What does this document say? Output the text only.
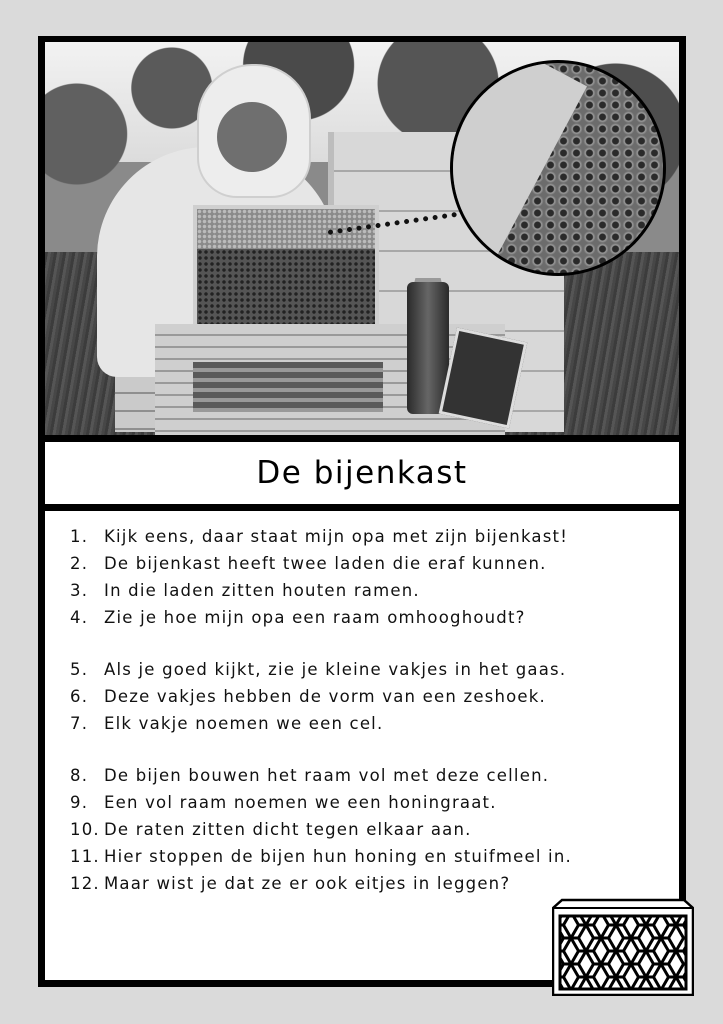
De bijenkast
1. Kijk eens, daar staat mijn opa met zijn bijenkast!
2. De bijenkast heeft twee laden die eraf kunnen.
3. In die laden zitten houten ramen.
4. Zie je hoe mijn opa een raam omhooghoudt?
5. Als je goed kijkt, zie je kleine vakjes in het gaas.
6. Deze vakjes hebben de vorm van een zeshoek.
7. Elk vakje noemen we een cel.
8. De bijen bouwen het raam vol met deze cellen.
9. Een vol raam noemen we een honingraat.
10. De raten zitten dicht tegen elkaar aan.
11. Hier stoppen de bijen hun honing en stuifmeel in.
12. Maar wist je dat ze er ook eitjes in leggen?
